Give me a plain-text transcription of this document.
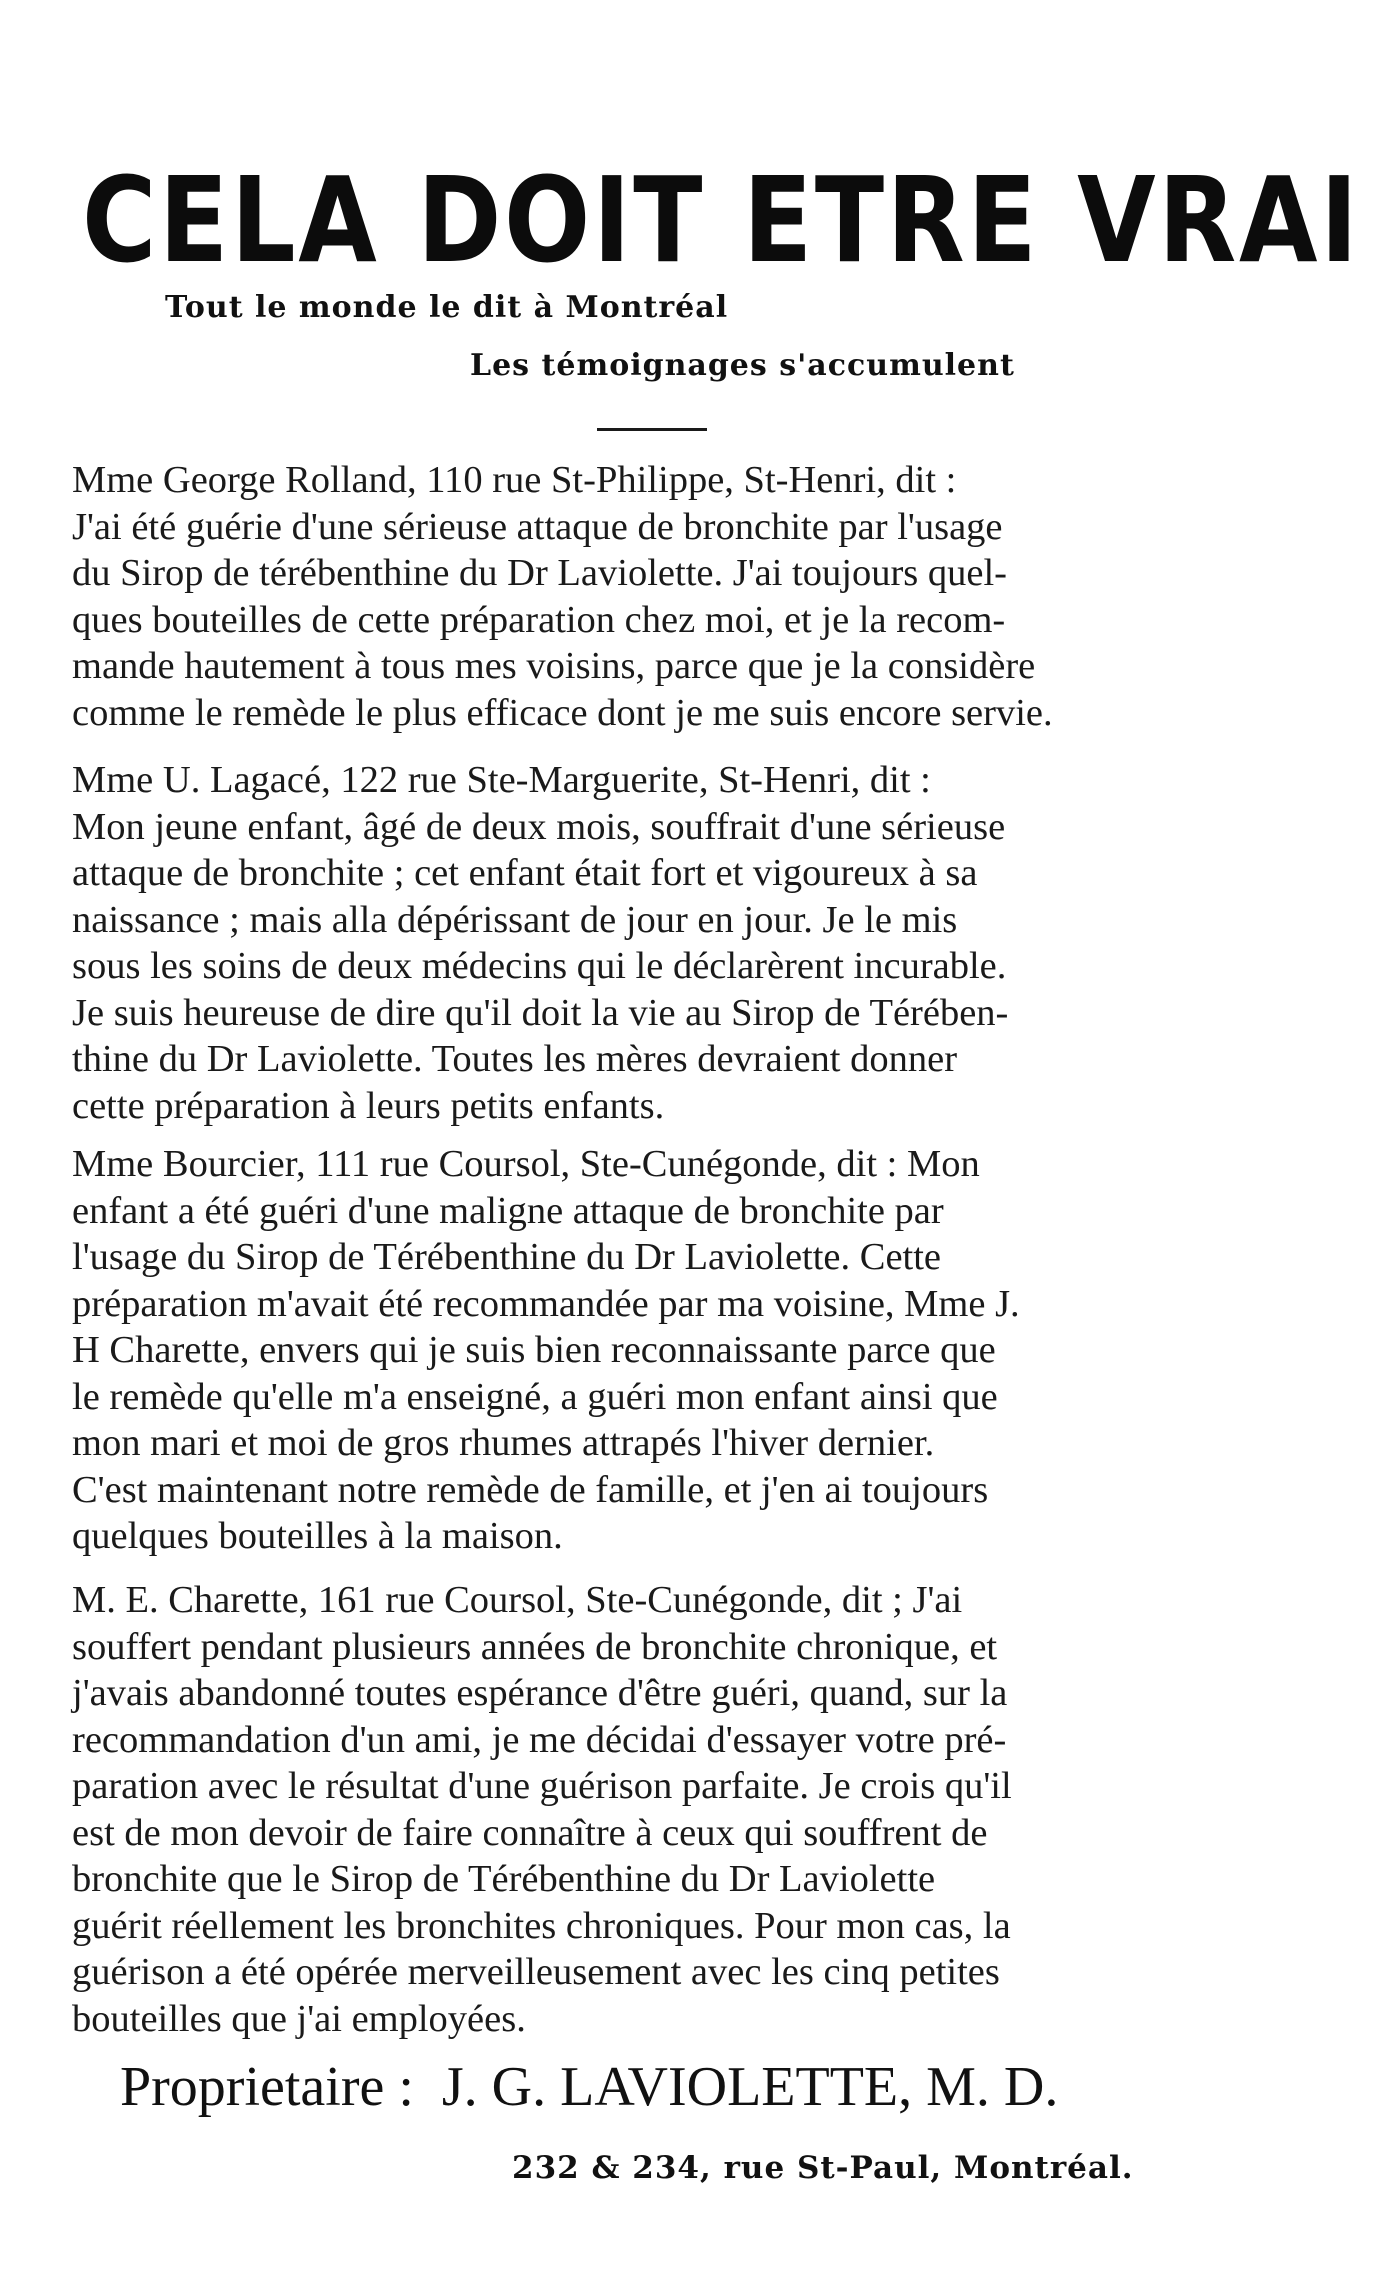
CELA DOIT ETRE VRAI
Tout le monde le dit à Montréal
Les témoignages s'accumulent
Mme George Rolland, 110 rue St-Philippe, St-Henri, dit :
J'ai été guérie d'une sérieuse attaque de bronchite par l'usage
du Sirop de térébenthine du Dr Laviolette. J'ai toujours quel-
ques bouteilles de cette préparation chez moi, et je la recom-
mande hautement à tous mes voisins, parce que je la considère
comme le remède le plus efficace dont je me suis encore servie.
Mme U. Lagacé, 122 rue Ste-Marguerite, St-Henri, dit :
Mon jeune enfant, âgé de deux mois, souffrait d'une sérieuse
attaque de bronchite ; cet enfant était fort et vigoureux à sa
naissance ; mais alla dépérissant de jour en jour. Je le mis
sous les soins de deux médecins qui le déclarèrent incurable.
Je suis heureuse de dire qu'il doit la vie au Sirop de Térében-
thine du Dr Laviolette. Toutes les mères devraient donner
cette préparation à leurs petits enfants.
Mme Bourcier, 111 rue Coursol, Ste-Cunégonde, dit : Mon
enfant a été guéri d'une maligne attaque de bronchite par
l'usage du Sirop de Térébenthine du Dr Laviolette. Cette
préparation m'avait été recommandée par ma voisine, Mme J.
H Charette, envers qui je suis bien reconnaissante parce que
le remède qu'elle m'a enseigné, a guéri mon enfant ainsi que
mon mari et moi de gros rhumes attrapés l'hiver dernier.
C'est maintenant notre remède de famille, et j'en ai toujours
quelques bouteilles à la maison.
M. E. Charette, 161 rue Coursol, Ste-Cunégonde, dit ; J'ai
souffert pendant plusieurs années de bronchite chronique, et
j'avais abandonné toutes espérance d'être guéri, quand, sur la
recommandation d'un ami, je me décidai d'essayer votre pré-
paration avec le résultat d'une guérison parfaite. Je crois qu'il
est de mon devoir de faire connaître à ceux qui souffrent de
bronchite que le Sirop de Térébenthine du Dr Laviolette
guérit réellement les bronchites chroniques. Pour mon cas, la
guérison a été opérée merveilleusement avec les cinq petites
bouteilles que j'ai employées.
Proprietaire : J. G. LAVIOLETTE, M. D.
232 & 234, rue St-Paul, Montréal.
